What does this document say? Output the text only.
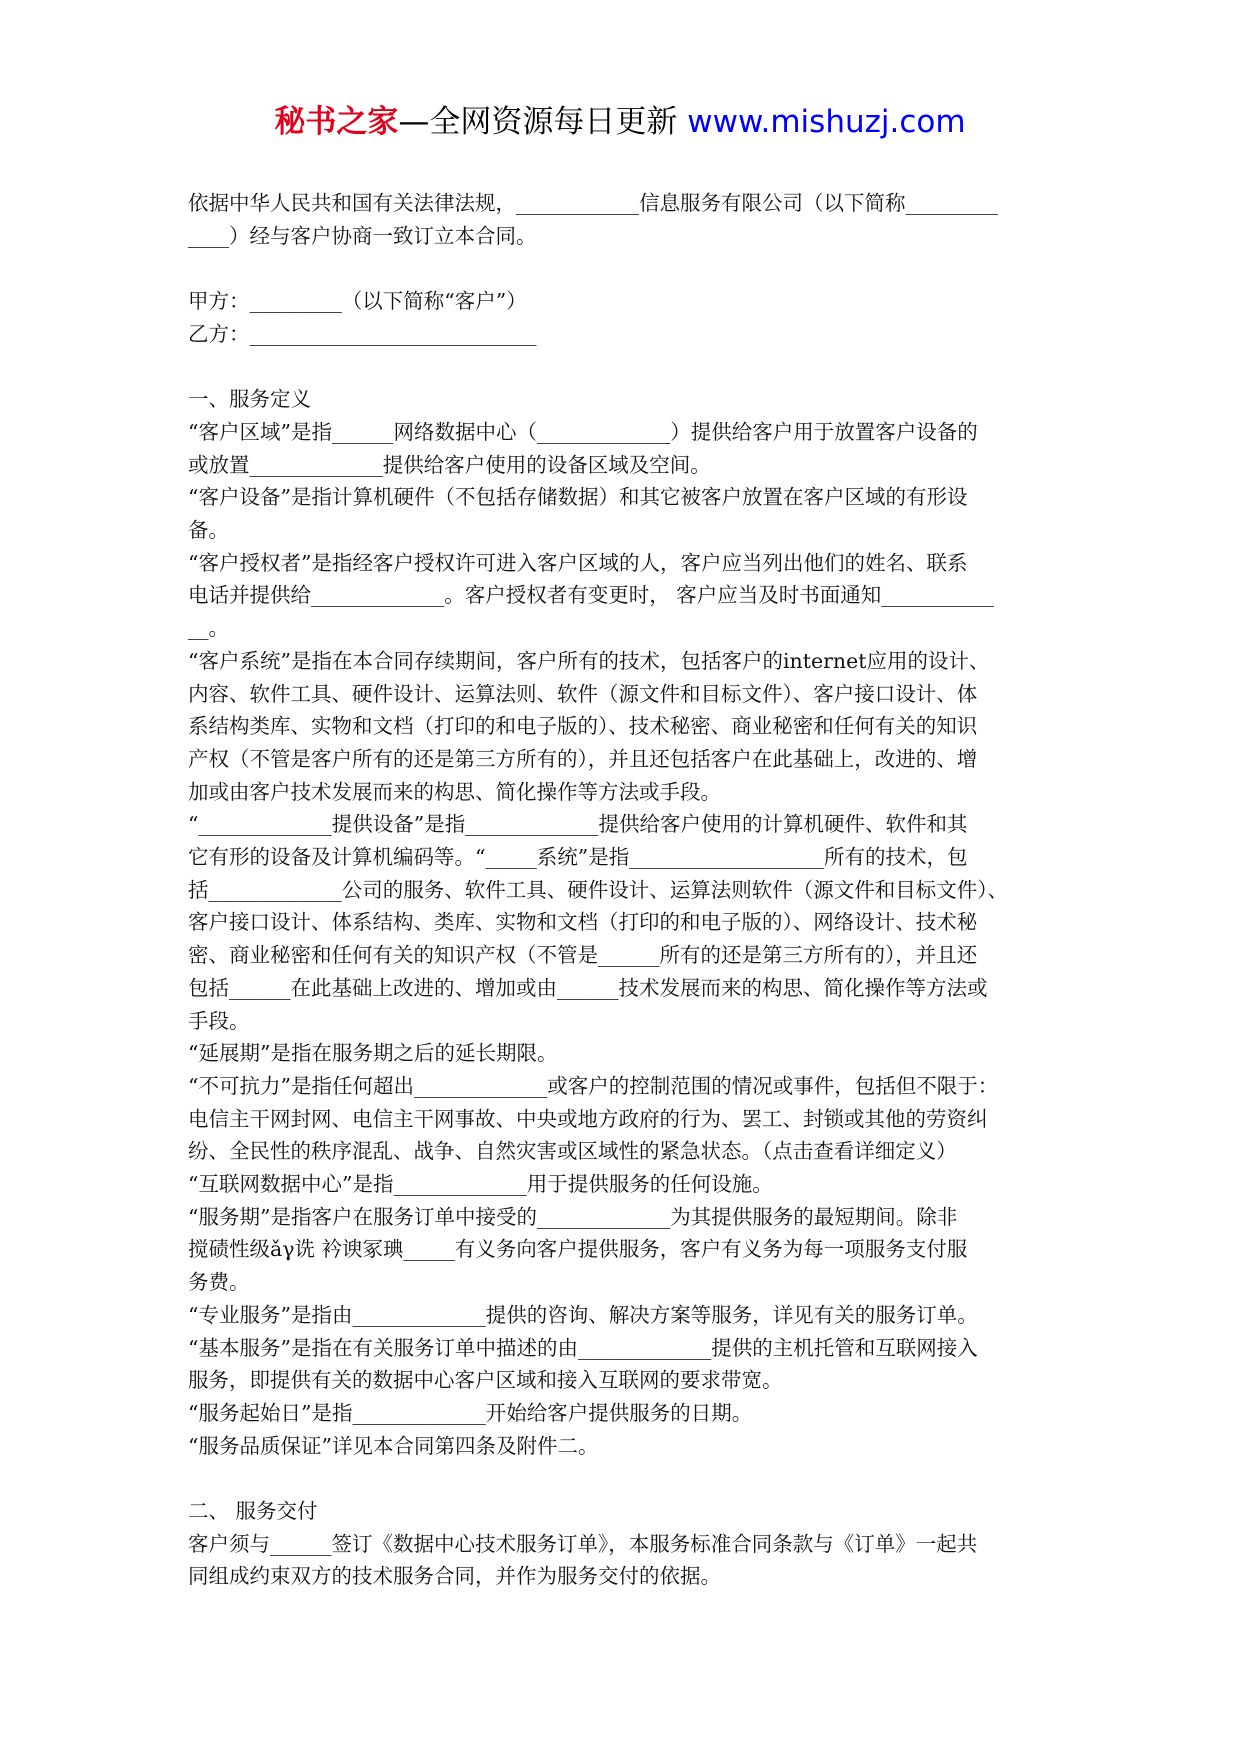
秘书之家—全网资源每日更新 www.mishuzj.com

依据中华人民共和国有关法律法规，____________信息服务有限公司（以下简称_________

____）经与客户协商一致订立本合同。

甲方：_________（以下简称“客户”）

乙方：____________________________

一、服务定义

“客户区域”是指______网络数据中心（_____________）提供给客户用于放置客户设备的

或放置_____________提供给客户使用的设备区域及空间。

“客户设备”是指计算机硬件（不包括存储数据）和其它被客户放置在客户区域的有形设

备。

“客户授权者”是指经客户授权许可进入客户区域的人，客户应当列出他们的姓名、联系

电话并提供给_____________。客户授权者有变更时， 客户应当及时书面通知___________

__。

“客户系统”是指在本合同存续期间，客户所有的技术，包括客户的internet应用的设计、

内容、软件工具、硬件设计、运算法则、软件（源文件和目标文件）、客户接口设计、体

系结构类库、实物和文档（打印的和电子版的）、技术秘密、商业秘密和任何有关的知识

产权（不管是客户所有的还是第三方所有的），并且还包括客户在此基础上，改进的、增

加或由客户技术发展而来的构思、简化操作等方法或手段。

“_____________提供设备”是指_____________提供给客户使用的计算机硬件、软件和其

它有形的设备及计算机编码等。“_____系统”是指___________________所有的技术，包

括_____________公司的服务、软件工具、硬件设计、运算法则软件（源文件和目标文件）、

客户接口设计、体系结构、类库、实物和文档（打印的和电子版的）、网络设计、技术秘

密、商业秘密和任何有关的知识产权（不管是______所有的还是第三方所有的），并且还

包括______在此基础上改进的、增加或由______技术发展而来的构思、简化操作等方法或

手段。

“延展期”是指在服务期之后的延长期限。

“不可抗力”是指任何超出_____________或客户的控制范围的情况或事件，包括但不限于：

电信主干网封网、电信主干网事故、中央或地方政府的行为、罢工、封锁或其他的劳资纠

纷、全民性的秩序混乱、战争、自然灾害或区域性的紧急状态。（点击查看详细定义）

“互联网数据中心”是指_____________用于提供服务的任何设施。

“服务期”是指客户在服务订单中接受的_____________为其提供服务的最短期间。除非

搅碛性级ǎγ诜 衿谀冢琠_____有义务向客户提供服务，客户有义务为每一项服务支付服

务费。

“专业服务”是指由_____________提供的咨询、解决方案等服务，详见有关的服务订单。

“基本服务”是指在有关服务订单中描述的由_____________提供的主机托管和互联网接入

服务，即提供有关的数据中心客户区域和接入互联网的要求带宽。

“服务起始日”是指_____________开始给客户提供服务的日期。

“服务品质保证”详见本合同第四条及附件二。

二、 服务交付

客户须与______签订《数据中心技术服务订单》，本服务标准合同条款与《订单》一起共

同组成约束双方的技术服务合同，并作为服务交付的依据。
